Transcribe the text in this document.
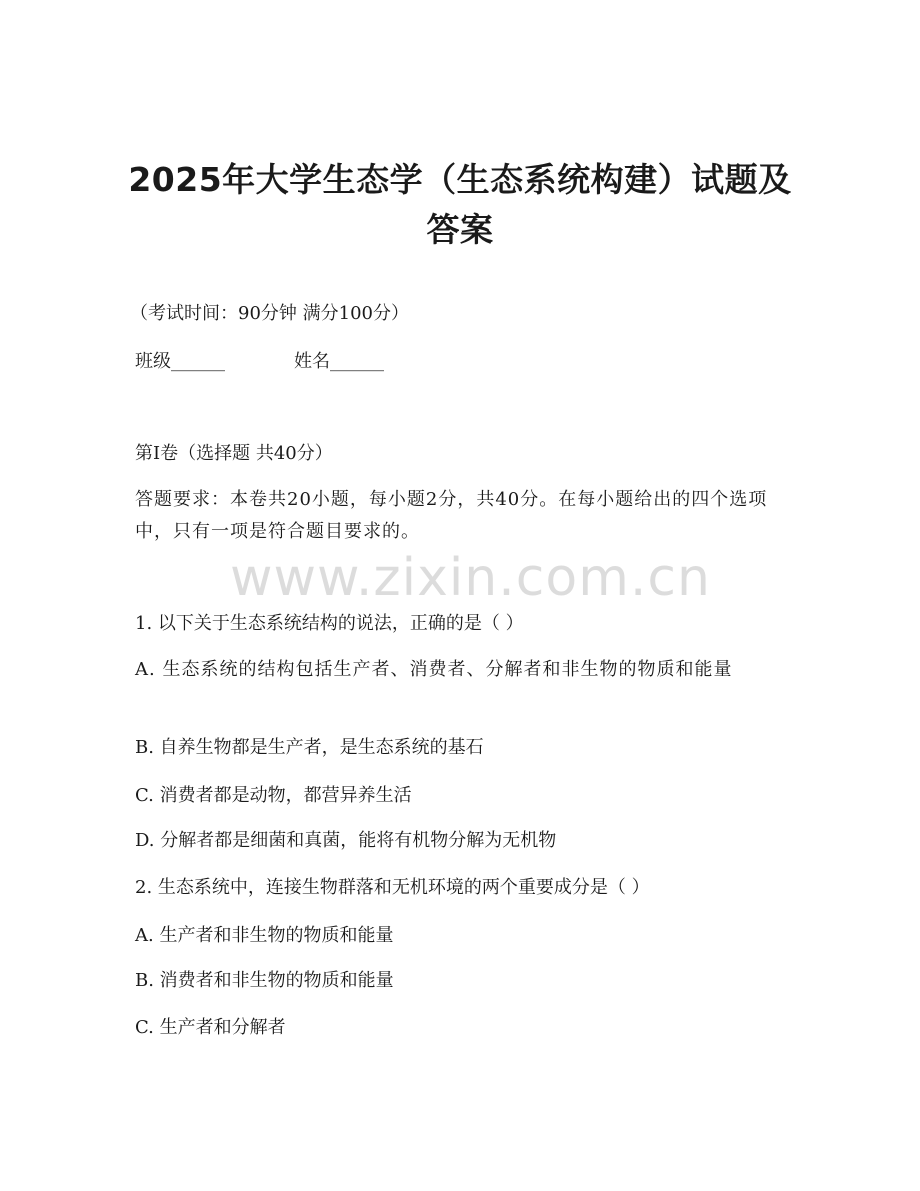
2025年大学生态学（生态系统构建）试题及
答案
（考试时间：90分钟 满分100分）
班级______	姓名______
第I卷（选择题 共40分）
答题要求：本卷共20小题，每小题2分，共40分。在每小题给出的四个选项中，只有一项是符合题目要求的。
www.zixin.com.cn
1. 以下关于生态系统结构的说法，正确的是（ ）
A. 生态系统的结构包括生产者、消费者、分解者和非生物的物质和能量
B. 自养生物都是生产者，是生态系统的基石
C. 消费者都是动物，都营异养生活
D. 分解者都是细菌和真菌，能将有机物分解为无机物
2. 生态系统中，连接生物群落和无机环境的两个重要成分是（ ）
A. 生产者和非生物的物质和能量
B. 消费者和非生物的物质和能量
C. 生产者和分解者
